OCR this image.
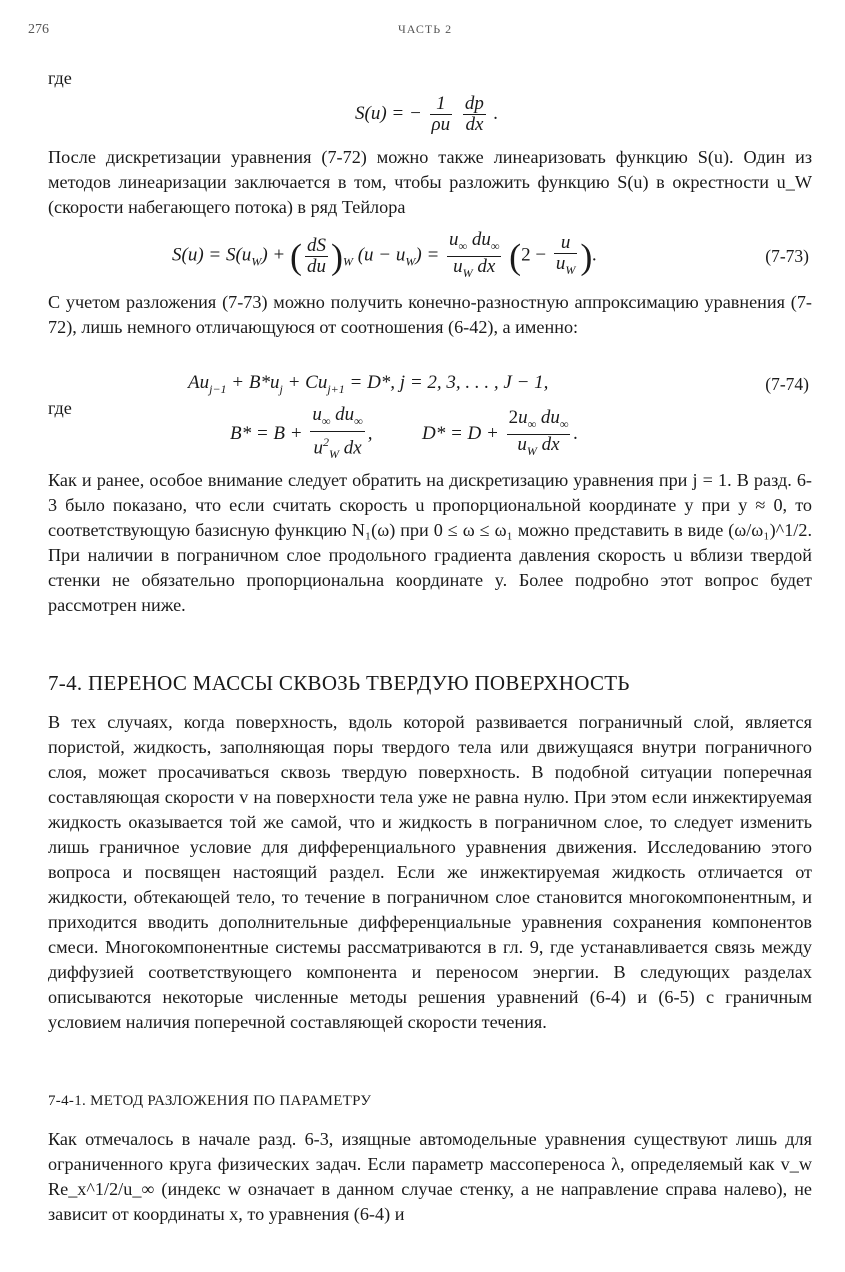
276	ЧАСТЬ 2
где
S(u) = − $\frac{1}{\rho u}$
$\frac{dp}{dx}$ .
После дискретизации уравнения (7-72) можно также линеаризовать функцию S(u). Один из методов линеаризации заключается в том, чтобы разложить функцию S(u) в окрестности u_W (скорости набегающего потока) в ряд Тейлора
$S(u) = S(u_W)$ + ( $\frac{dS}{du} )_W$ $(u - u_W) = \frac{u_\infty du_\infty}{u_W dx} (2 - \frac{u}{u_W}$ ).	(7-73)
С учетом разложения (7-73) можно получить конечно-разностную аппроксимацию уравнения (7-72), лишь немного отличающуюся от соотношения (6-42), а именно:
$Au_{j-1} + B*u_j + Cu_{j+1} = D*$, j = 2, 3, . . . , J − 1,	(7-74)
где
$B* = B + \frac{u_\infty du_\infty}{u^2_W dx}$ ,	$D* = D + \frac{2u_\infty du_\infty}{u_W dx}$ .
Как и ранее, особое внимание следует обратить на дискретизацию уравнения при j = 1. В разд. 6-3 было показано, что если считать скорость u пропорциональной координате y при y ≈ 0, то соответствующую базисную функцию N₁(ω) при 0 ≤ ω ≤ ω₁ можно представить в виде (ω/ω₁)^1/2. При наличии в пограничном слое продольного градиента давления скорость u вблизи твердой стенки не обязательно пропорциональна координате y. Более подробно этот вопрос будет рассмотрен ниже.
7-4. ПЕРЕНОС МАССЫ СКВОЗЬ ТВЕРДУЮ ПОВЕРХНОСТЬ
В тех случаях, когда поверхность, вдоль которой развивается пограничный слой, является пористой, жидкость, заполняющая поры твердого тела или движущаяся внутри пограничного слоя, может просачиваться сквозь твердую поверхность. В подобной ситуации поперечная составляющая скорости v на поверхности тела уже не равна нулю. При этом если инжектируемая жидкость оказывается той же самой, что и жидкость в пограничном слое, то следует изменить лишь граничное условие для дифференциального уравнения движения. Исследованию этого вопроса и посвящен настоящий раздел. Если же инжектируемая жидкость отличается от жидкости, обтекающей тело, то течение в пограничном слое становится многокомпонентным, и приходится вводить дополнительные дифференциальные уравнения сохранения компонентов смеси. Многокомпонентные системы рассматриваются в гл. 9, где устанавливается связь между диффузией соответствующего компонента и переносом энергии. В следующих разделах описываются некоторые численные методы решения уравнений (6-4) и (6-5) с граничным условием наличия поперечной составляющей скорости течения.
7-4-1. МЕТОД РАЗЛОЖЕНИЯ ПО ПАРАМЕТРУ
Как отмечалось в начале разд. 6-3, изящные автомодельные уравнения существуют лишь для ограниченного круга физических задач. Если параметр массопереноса λ, определяемый как v_w Re_x^1/2/u_∞ (индекс w означает в данном случае стенку, а не направление справа налево), не зависит от координаты x, то уравнения (6-4) и
